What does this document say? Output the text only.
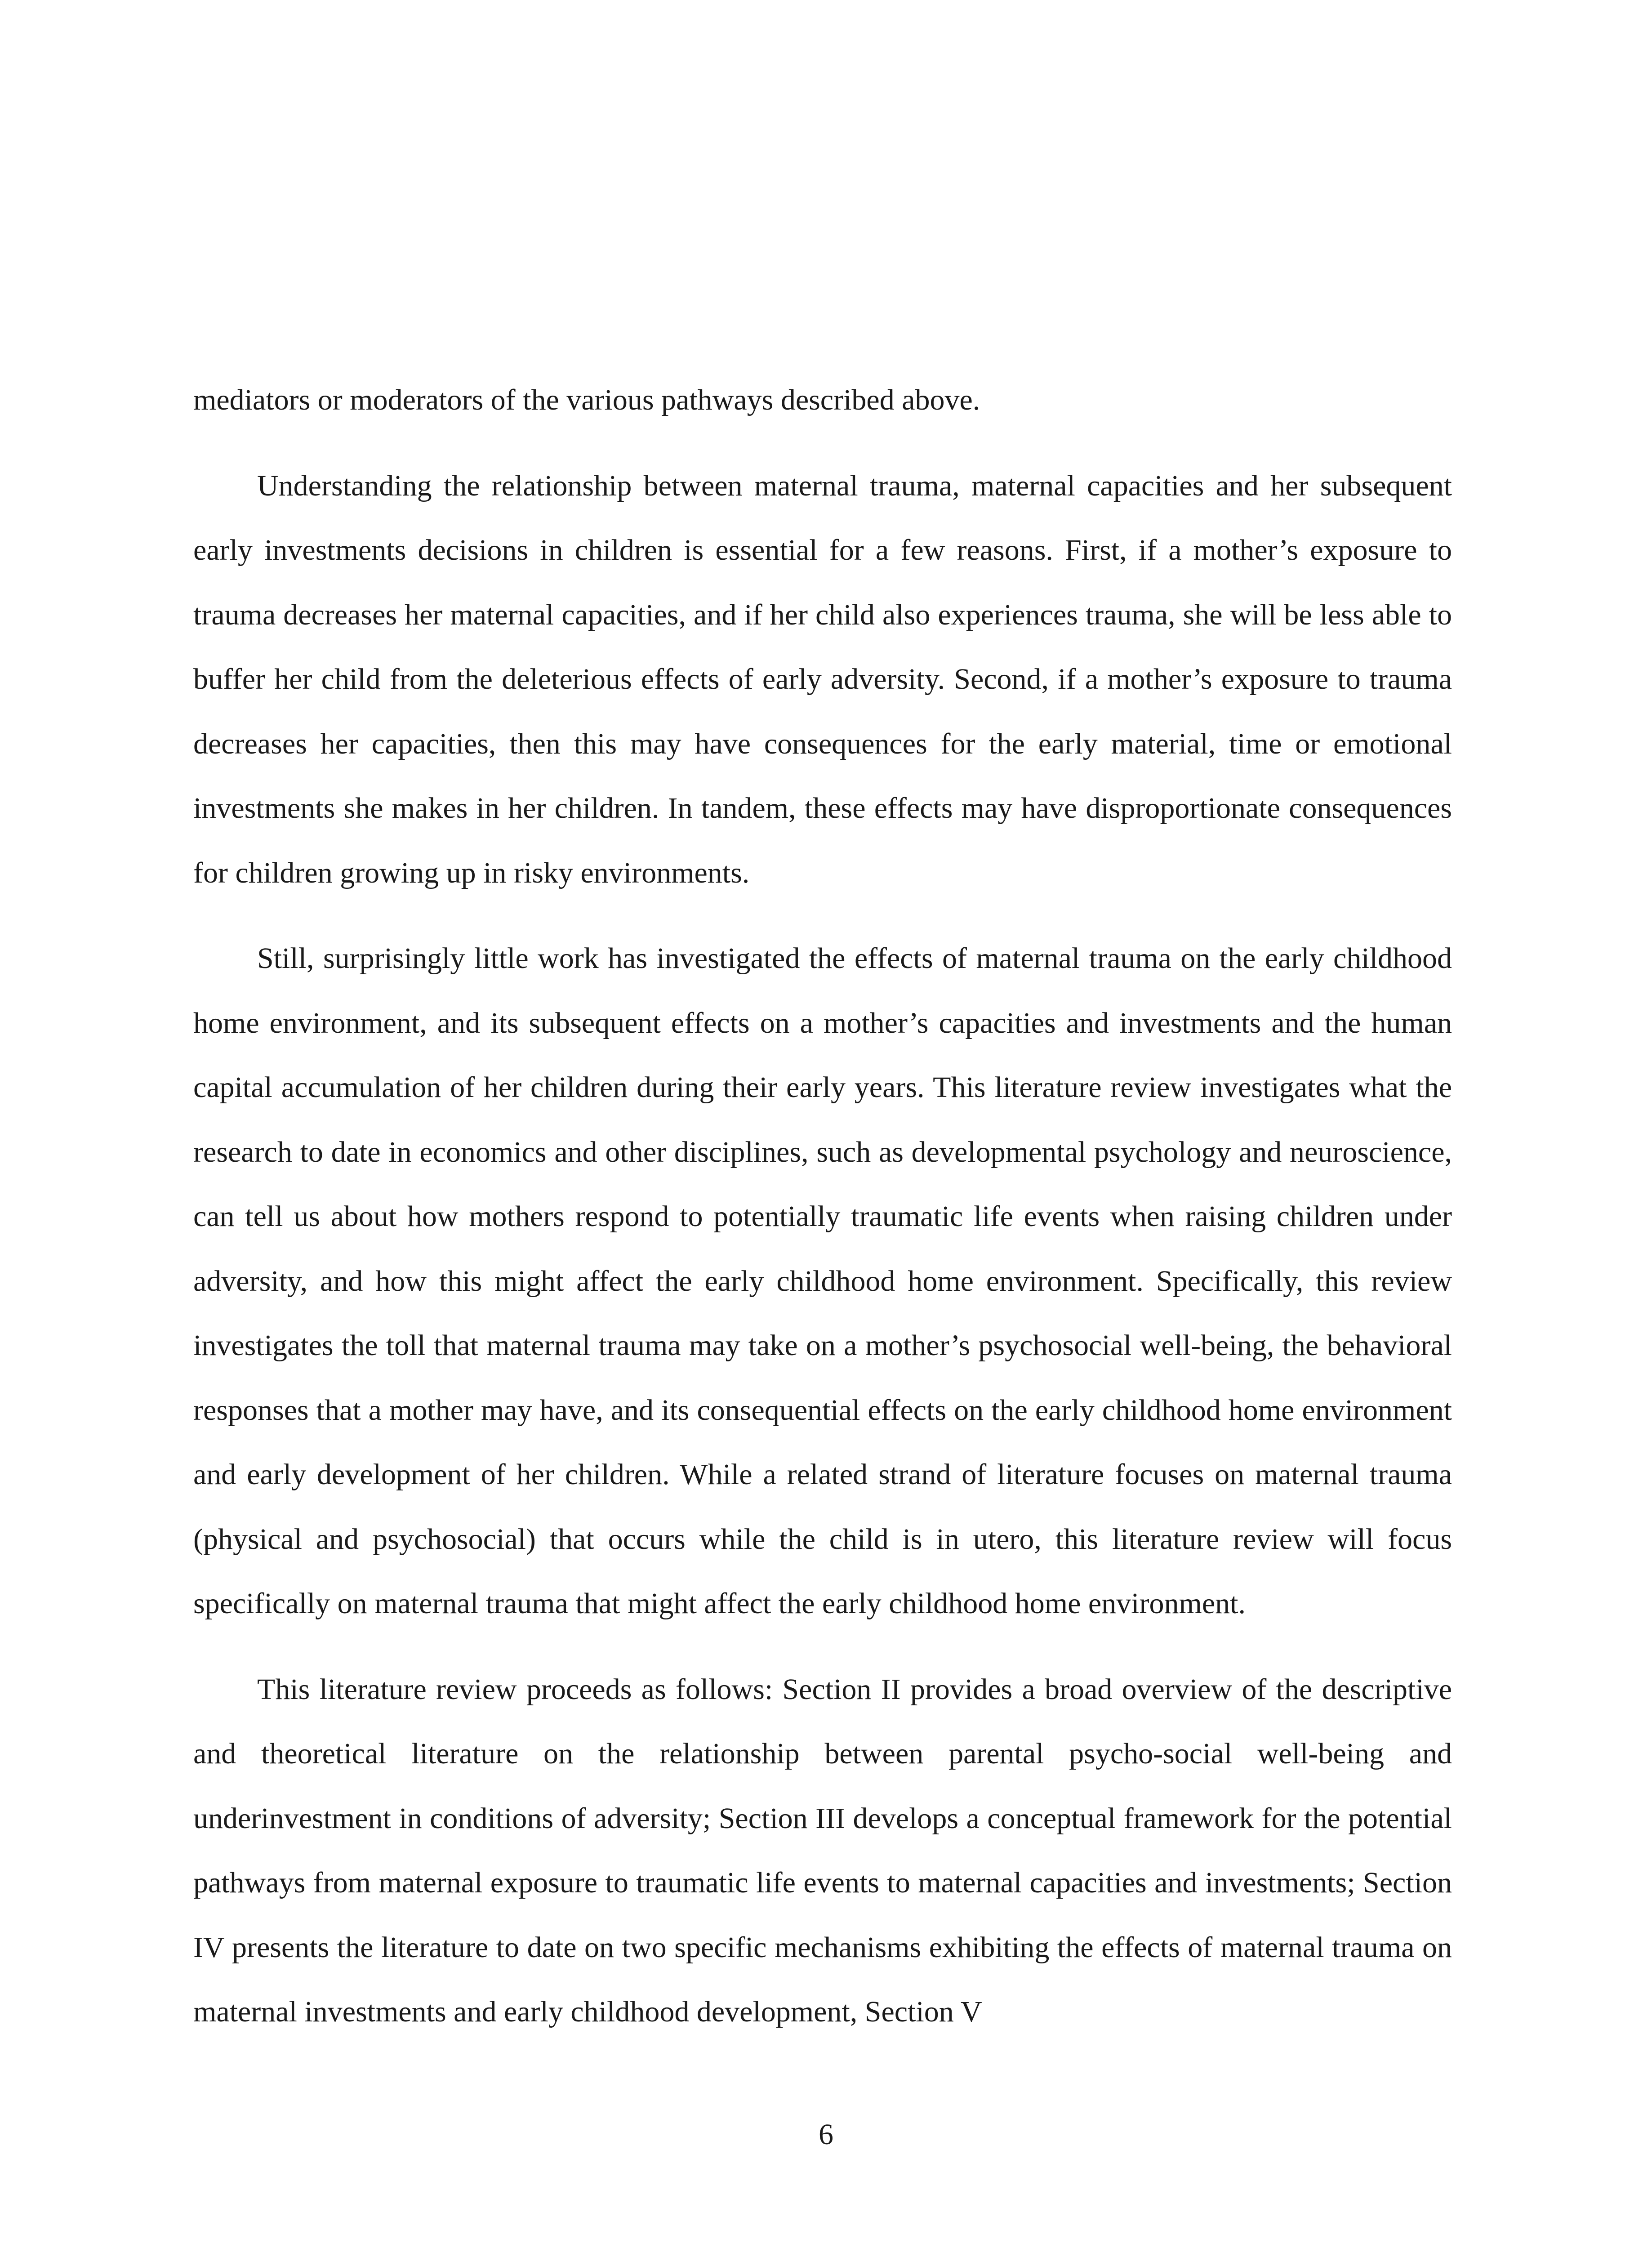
mediators or moderators of the various pathways described above.

Understanding the relationship between maternal trauma, maternal capacities and her subsequent early investments decisions in children is essential for a few reasons. First, if a mother’s exposure to trauma decreases her maternal capacities, and if her child also experiences trauma, she will be less able to buffer her child from the deleterious effects of early adversity. Second, if a mother’s exposure to trauma decreases her capacities, then this may have consequences for the early material, time or emotional investments she makes in her children. In tandem, these effects may have disproportionate consequences for children growing up in risky environments.

Still, surprisingly little work has investigated the effects of maternal trauma on the early childhood home environment, and its subsequent effects on a mother’s capacities and investments and the human capital accumulation of her children during their early years. This literature review investigates what the research to date in economics and other disciplines, such as developmental psychology and neuroscience, can tell us about how mothers respond to potentially traumatic life events when raising children under adversity, and how this might affect the early childhood home environment. Specifically, this review investigates the toll that maternal trauma may take on a mother’s psychosocial well-being, the behavioral responses that a mother may have, and its consequential effects on the early childhood home environment and early development of her children. While a related strand of literature focuses on maternal trauma (physical and psychosocial) that occurs while the child is in utero, this literature review will focus specifically on maternal trauma that might affect the early childhood home environment.

This literature review proceeds as follows: Section II provides a broad overview of the descriptive and theoretical literature on the relationship between parental psycho-social well-being and underinvestment in conditions of adversity; Section III develops a conceptual framework for the potential pathways from maternal exposure to traumatic life events to maternal capacities and investments; Section IV presents the literature to date on two specific mechanisms exhibiting the effects of maternal trauma on maternal investments and early childhood development, Section V

6
